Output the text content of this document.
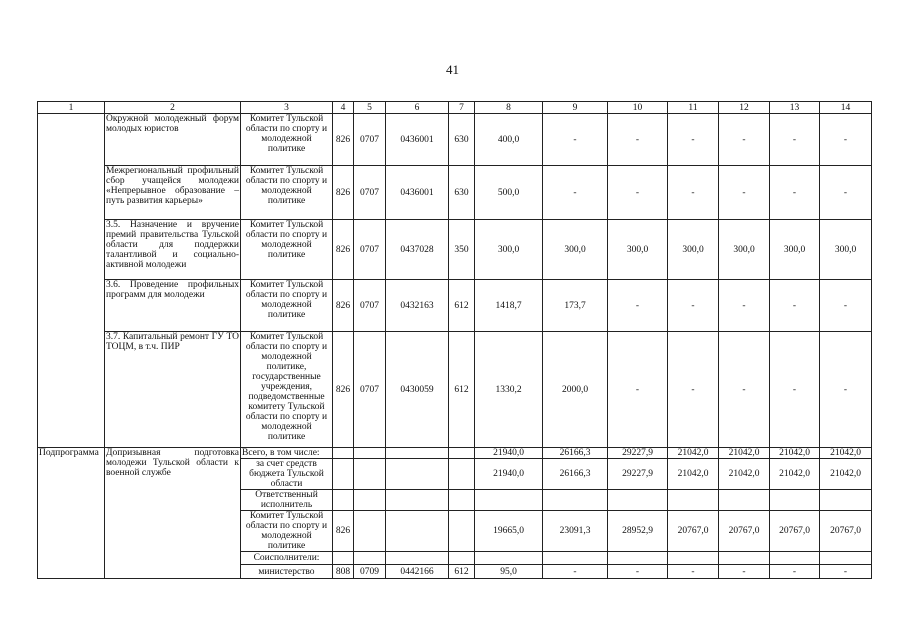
41
1	2	3	4	5	6	7	8	9	10	11	12	13	14
	Окружной молодежный форум молодых юристов	Комитет Тульской области по спорту и молодежной политике	826	0707	0436001	630	400,0	-	-	-	-	-	-
	Межрегиональный профильный сбор учащейся молодежи «Непрерывное образование – путь развития карьеры»	Комитет Тульской области по спорту и молодежной политике	826	0707	0436001	630	500,0	-	-	-	-	-	-
	3.5. Назначение и вручение премий правительства Тульской области для поддержки талантливой и социально-активной молодежи	Комитет Тульской области по спорту и молодежной политике	826	0707	0437028	350	300,0	300,0	300,0	300,0	300,0	300,0	300,0
	3.6. Проведение профильных программ для молодежи	Комитет Тульской области по спорту и молодежной политике	826	0707	0432163	612	1418,7	173,7	-	-	-	-	-
	3.7. Капитальный ремонт ГУ ТО ТОЦМ, в т.ч. ПИР	Комитет Тульской области по спорту и молодежной политике, государственные учреждения, подведомственные комитету Тульской области по спорту и молодежной политике	826	0707	0430059	612	1330,2	2000,0	-	-	-	-	-
Подпрограмма	Допризывная подготовка молодежи Тульской области к военной службе	Всего, в том числе:					21940,0	26166,3	29227,9	21042,0	21042,0	21042,0	21042,0
		за счет средств бюджета Тульской области					21940,0	26166,3	29227,9	21042,0	21042,0	21042,0	21042,0
		Ответственный исполнитель											
		Комитет Тульской области по спорту и молодежной политике	826				19665,0	23091,3	28952,9	20767,0	20767,0	20767,0	20767,0
		Соисполнители:											
		министерство	808	0709	0442166	612	95,0	-	-	-	-	-	-
